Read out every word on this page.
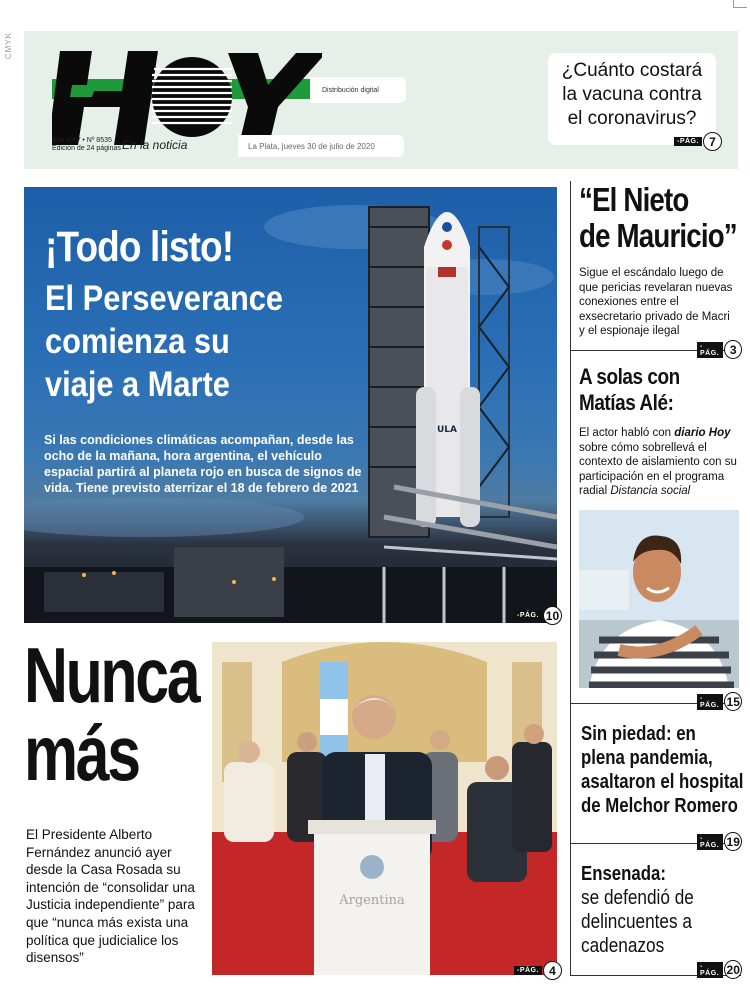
CMYK
Distribución digital
La Plata, jueves 30 de julio de 2020
Año XXV • Nº 8535
Edición de 24 páginas En la noticia
¿Cuánto costará
la vacuna contra
el coronavirus?
-PÁG. 7
ULA
¡Todo listo!
El Perseverance
comienza su
viaje a Marte
Si las condiciones climáticas acompañan, desde las ocho de la mañana, hora argentina, el vehículo espacial partirá al planeta rojo en busca de signos de vida. Tiene previsto aterrizar el 18 de febrero de 2021
-PÁG. 10
“El Nieto
de Mauricio”
Sigue el escándalo luego de que pericias revelaran nuevas conexiones entre el exsecretario privado de Macri y el espionaje ilegal
-PÁG. 3
A solas con
Matías Alé:
El actor habló con diario Hoy sobre cómo sobrellevá el contexto de aislamiento con su participación en el programa radial Distancia social
-PÁG. 15
Sin piedad: en
plena pandemia,
asaltaron el hospital
de Melchor Romero
-PÁG. 19
Ensenada:
se defendió de
delincuentes a
cadenazos
-PÁG. 20
Nunca
más
El Presidente Alberto Fernández anunció ayer desde la Casa Rosada su intención de “consolidar una Justicia independiente” para que “nunca más exista una política que judicialice los disensos”
Argentina
-PÁG. 4
